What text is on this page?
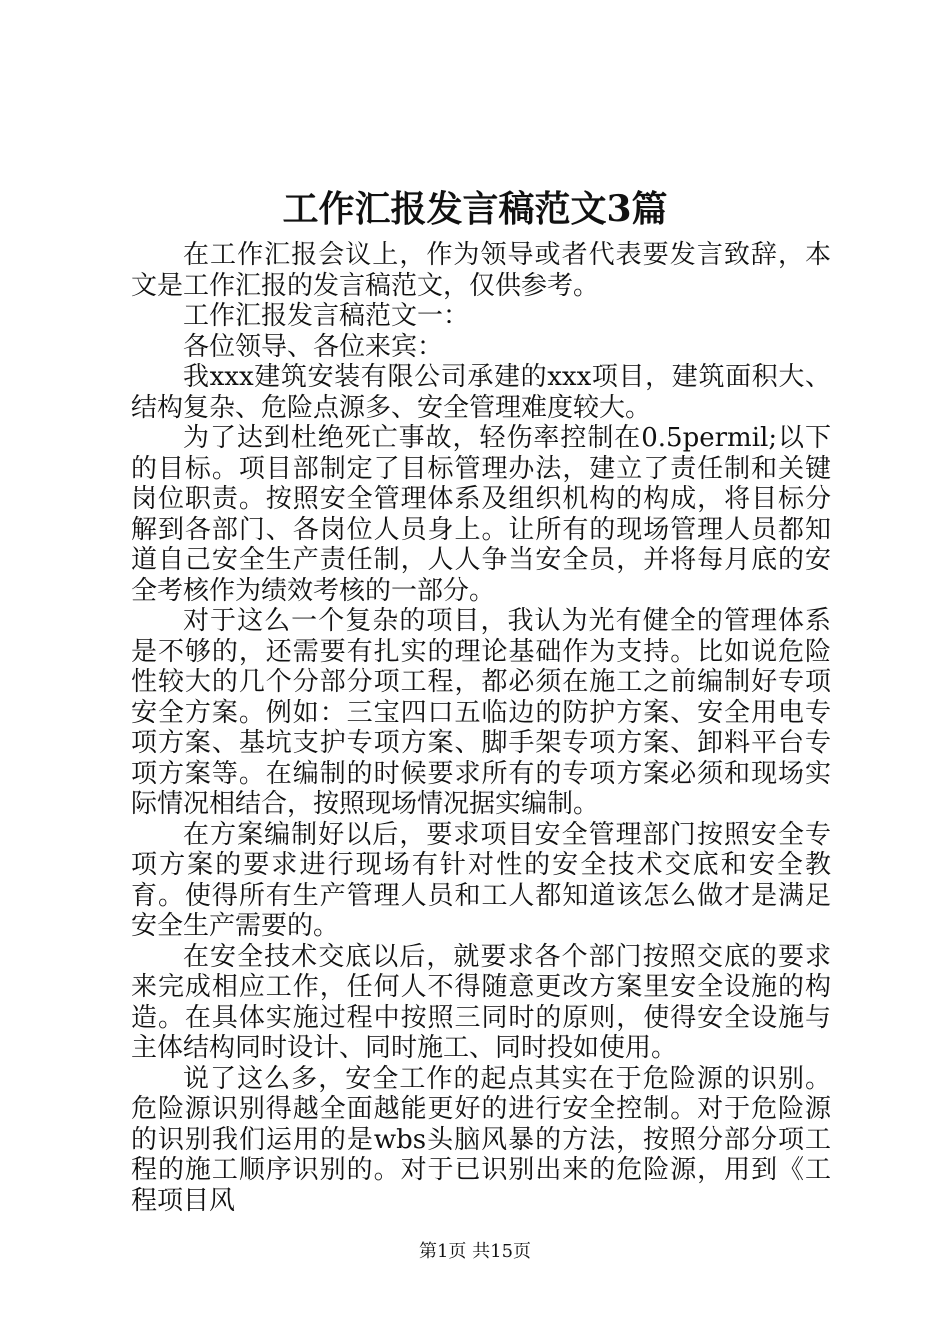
工作汇报发言稿范文3篇

在工作汇报会议上，作为领导或者代表要发言致辞，本文是工作汇报的发言稿范文，仅供参考。

工作汇报发言稿范文一：

各位领导、各位来宾：

我xxx建筑安装有限公司承建的xxx项目，建筑面积大、结构复杂、危险点源多、安全管理难度较大。

为了达到杜绝死亡事故，轻伤率控制在0.5permil;以下的目标。项目部制定了目标管理办法，建立了责任制和关键岗位职责。按照安全管理体系及组织机构的构成，将目标分解到各部门、各岗位人员身上。让所有的现场管理人员都知道自己安全生产责任制，人人争当安全员，并将每月底的安全考核作为绩效考核的一部分。

对于这么一个复杂的项目，我认为光有健全的管理体系是不够的，还需要有扎实的理论基础作为支持。比如说危险性较大的几个分部分项工程，都必须在施工之前编制好专项安全方案。例如：三宝四口五临边的防护方案、安全用电专项方案、基坑支护专项方案、脚手架专项方案、卸料平台专项方案等。在编制的时候要求所有的专项方案必须和现场实际情况相结合，按照现场情况据实编制。

在方案编制好以后，要求项目安全管理部门按照安全专项方案的要求进行现场有针对性的安全技术交底和安全教育。使得所有生产管理人员和工人都知道该怎么做才是满足安全生产需要的。

在安全技术交底以后，就要求各个部门按照交底的要求来完成相应工作，任何人不得随意更改方案里安全设施的构造。在具体实施过程中按照三同时的原则，使得安全设施与主体结构同时设计、同时施工、同时投如使用。

说了这么多，安全工作的起点其实在于危险源的识别。危险源识别得越全面越能更好的进行安全控制。对于危险源的识别我们运用的是wbs头脑风暴的方法，按照分部分项工程的施工顺序识别的。对于已识别出来的危险源，用到《工程项目风

第1页 共15页
